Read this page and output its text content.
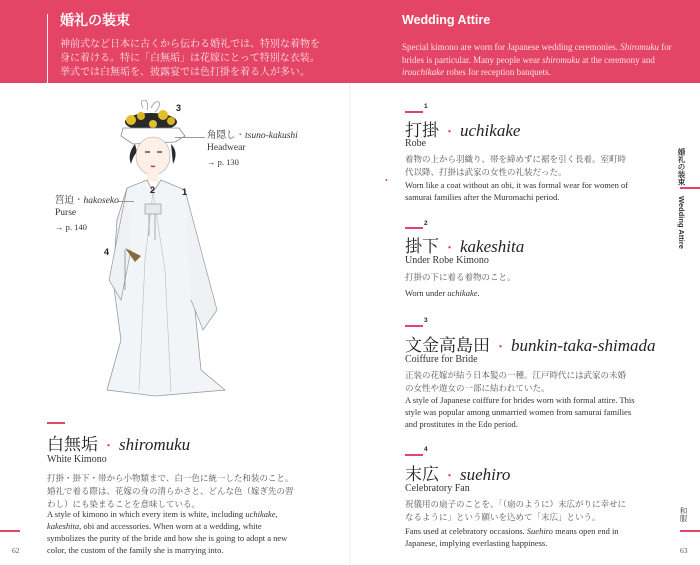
婚礼の装束
神前式など日本に古くから伝わる婚礼では、特別な着物を身に着ける。特に「白無垢」は花嫁にとって特別な衣装。挙式では白無垢を、披露宴では色打掛を着る人が多い。
Wedding Attire
Special kimono are worn for Japanese wedding ceremonies. Shiromuku for brides is particular. Many people wear shiromuku at the ceremony and irouchikake robes for reception banquets.
3
2	1
4
角隠し・tsuno-kakushi
Headwear
→ p. 130
筥迫・hakoseko
Purse
→ p. 140
白無垢 ・ shiromuku
White Kimono
打掛・掛下・帯から小物類まで、白一色に統一した和装のこと。婚礼で着る際は、花嫁の身の清らかさと、どんな色（嫁ぎ先の習わし）にも染まることを意味している。
A style of kimono in which every item is white, including uchikake, kakeshita, obi and accessories. When worn at a wedding, white symbolizes the purity of the bride and how she is going to adopt a new color, the custom of the family she is marrying into.
62
1
打掛 ・ uchikake
Robe
着物の上から羽織り、帯を締めずに裾を引く長着。室町時代以降、打掛は武家の女性の礼装だった。
• Worn like a coat without an obi, it was formal wear for women of samurai families after the Muromachi period.
2
掛下 ・ kakeshita
Under Robe Kimono
打掛の下に着る着物のこと。
Worn under uchikake.
3
文金高島田 ・ bunkin-taka-shimada
Coiffure for Bride
正装の花嫁が結う日本髪の一種。江戸時代には武家の未婚の女性や遊女の一部に結われていた。
A style of Japanese coiffure for brides worn with formal attire. This style was popular among unmarried women from samurai families and prostitutes in the Edo period.
4
末広 ・ suehiro
Celebratory Fan
祝儀用の扇子のことを、「（扇のように）末広がりに幸せになるように」という願いを込めて「末広」という。
Fans used at celebratory occasions. Suehiro means open end in Japanese, implying everlasting happiness.
婚礼の装束
Wedding Attire
和服
63
